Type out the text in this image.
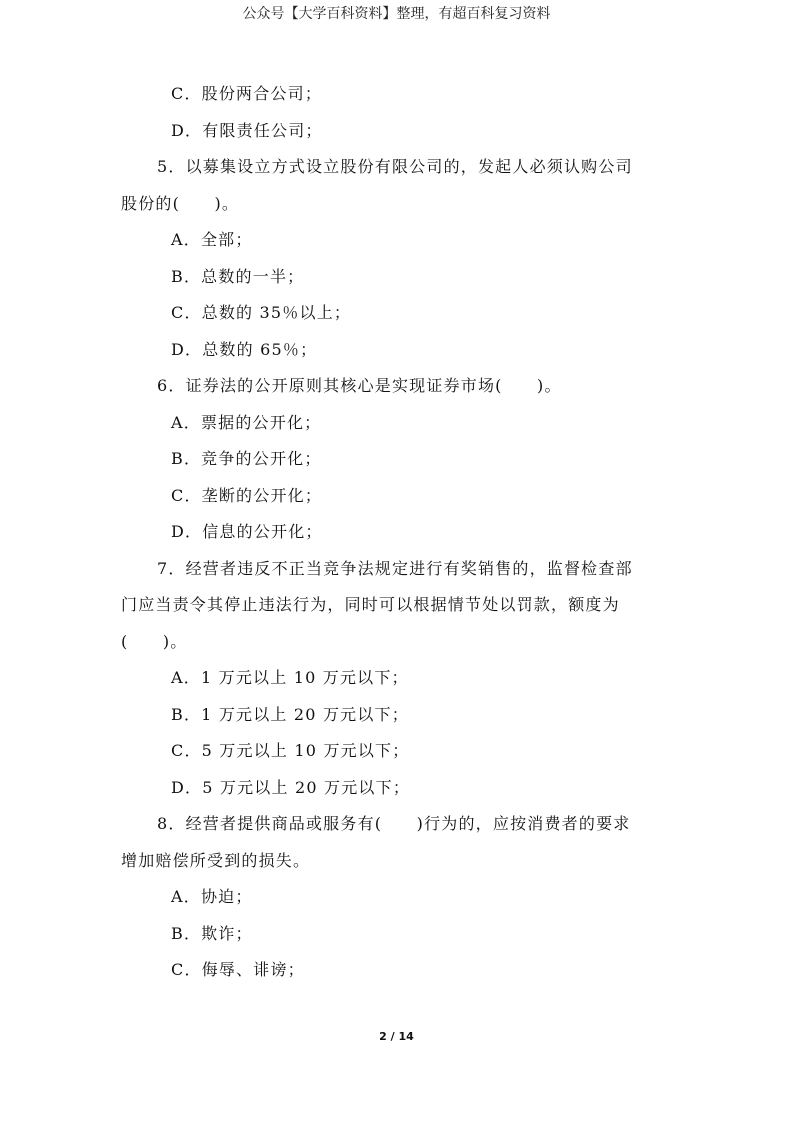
公众号【大学百科资料】整理，有超百科复习资料
C．股份两合公司；
D．有限责任公司；
5．以募集设立方式设立股份有限公司的，发起人必须认购公司
股份的(　　)。
A．全部；
B．总数的一半；
C．总数的 35％以上；
D．总数的 65％；
6．证券法的公开原则其核心是实现证券市场(　　)。
A．票据的公开化；
B．竞争的公开化；
C．垄断的公开化；
D．信息的公开化；
7．经营者违反不正当竞争法规定进行有奖销售的，监督检查部
门应当责令其停止违法行为，同时可以根据情节处以罚款，额度为
(　　)。
A．1 万元以上 10 万元以下；
B．1 万元以上 20 万元以下；
C．5 万元以上 10 万元以下；
D．5 万元以上 20 万元以下；
8．经营者提供商品或服务有(　　)行为的，应按消费者的要求
增加赔偿所受到的损失。
A．协迫；
B．欺诈；
C．侮辱、诽谤；
2 / 14
